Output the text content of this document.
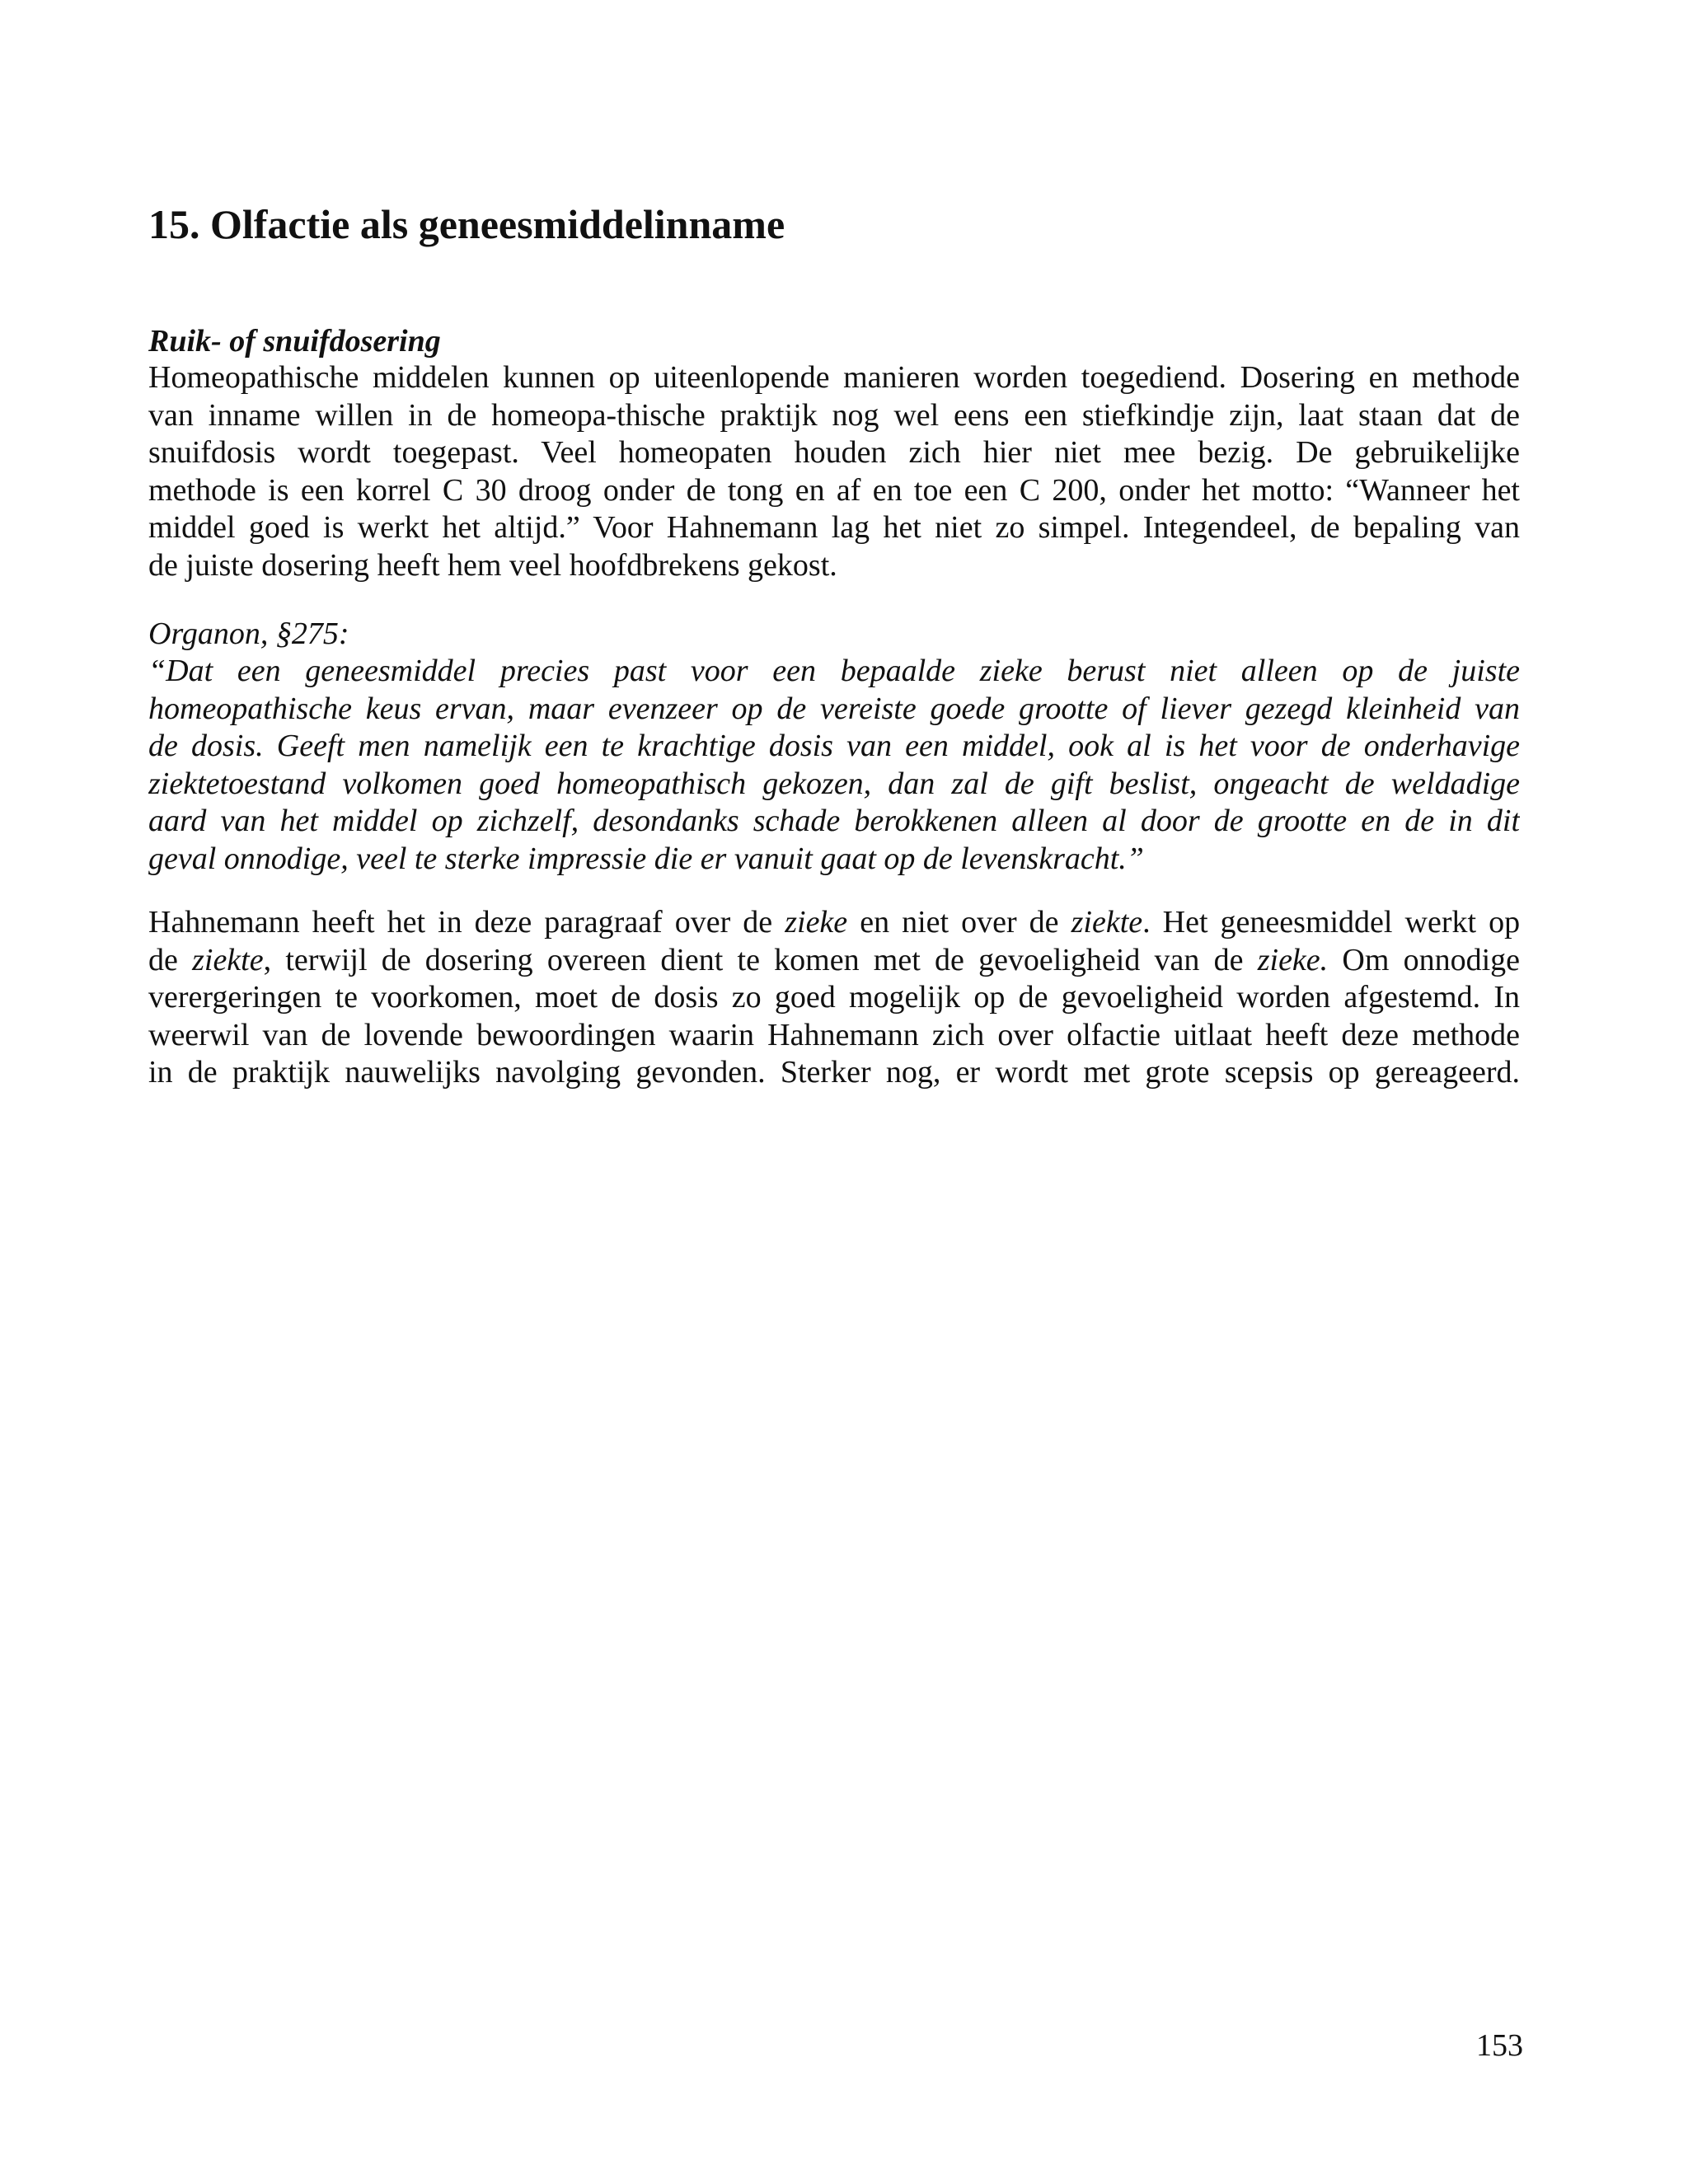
15. Olfactie als geneesmiddelinname
Ruik- of snuifdosering
Homeopathische middelen kunnen op uiteenlopende manieren worden toegediend. Dosering en methode
van inname willen in de homeopa-thische praktijk nog wel eens een stiefkindje zijn, laat staan dat de
snuifdosis wordt toegepast. Veel homeopaten houden zich hier niet mee bezig. De gebruikelijke
methode is een korrel C 30 droog onder de tong en af en toe een C 200, onder het motto: “Wanneer het
middel goed is werkt het altijd.” Voor Hahnemann lag het niet zo simpel. Integendeel, de bepaling van
de juiste dosering heeft hem veel hoofdbrekens gekost.

Organon, §275:

“Dat een geneesmiddel precies past voor een bepaalde zieke berust niet alleen op de juiste
homeopathische keus ervan, maar evenzeer op de vereiste goede grootte of liever gezegd kleinheid van
de dosis. Geeft men namelijk een te krachtige dosis van een middel, ook al is het voor de onderhavige
ziektetoestand volkomen goed homeopathisch gekozen, dan zal de gift beslist, ongeacht de weldadige
aard van het middel op zichzelf, desondanks schade berokkenen alleen al door de grootte en de in dit
geval onnodige, veel te sterke impressie die er vanuit gaat op de levenskracht.”
Hahnemann heeft het in deze paragraaf over de zieke en niet over de ziekte. Het geneesmiddel werkt op
de ziekte, terwijl de dosering overeen dient te komen met de gevoeligheid van de zieke. Om onnodige
verergeringen te voorkomen, moet de dosis zo goed mogelijk op de gevoeligheid worden afgestemd. In
weerwil van de lovende bewoordingen waarin Hahnemann zich over olfactie uitlaat heeft deze methode
in de praktijk nauwelijks navolging gevonden. Sterker nog, er wordt met grote scepsis op gereageerd.

153
